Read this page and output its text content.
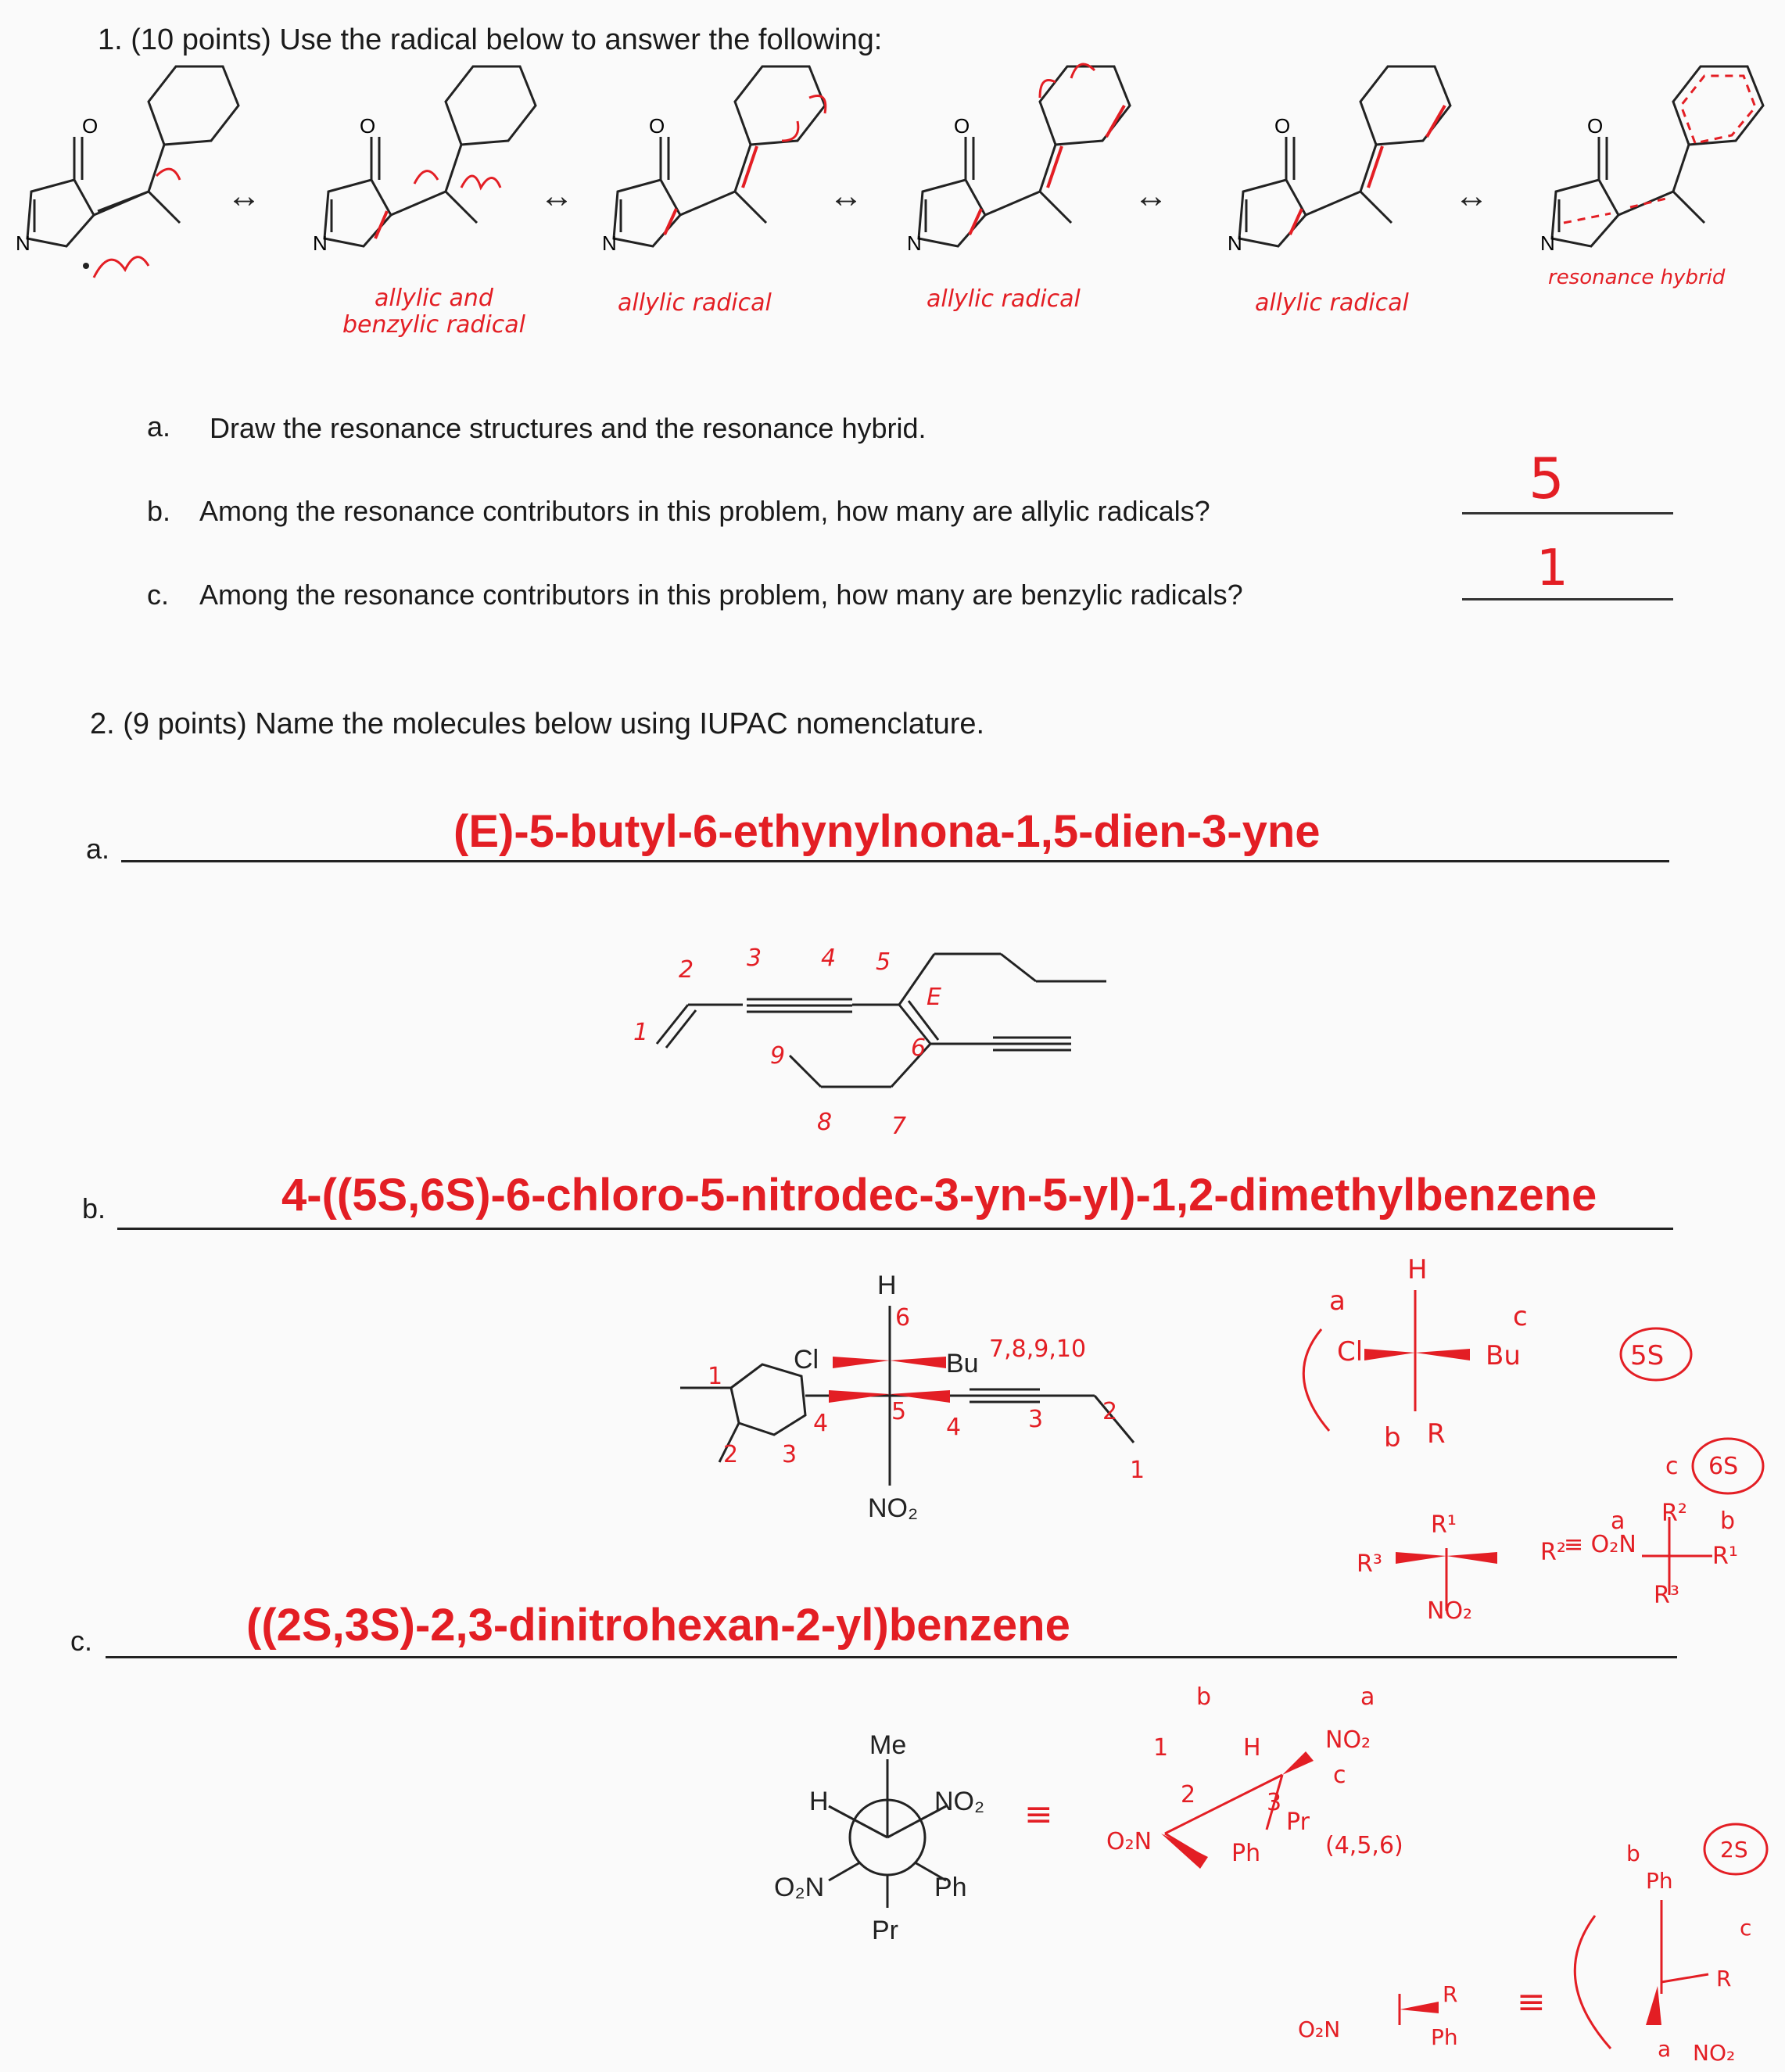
1. (10 points) Use the radical below to answer the following:
N
O
↔
N
O
↔
N
O
↔
N
O
↔
N
O
↔
N
O
allylic and benzylic radical
allylic radical	allylic radical	allylic radical
resonance hybrid
a. Draw the resonance structures and the resonance hybrid.
b. Among the resonance contributors in this problem, how many are allylic radicals?	5
c. Among the resonance contributors in this problem, how many are benzylic radicals?	1
2. (9 points) Name the molecules below using IUPAC nomenclature.
a.	(E)-5-butyl-6-ethynylnona-1,5-dien-3-yne
1
2 3	4 5
E
6
7
8
9
b.	4-((5S,6S)-6-chloro-5-nitrodec-3-yn-5-yl)-1,2-dimethylbenzene
H
Cl	Bu
NO₂
7,8,9,10
3	2
1
4
5
6
1
2 3
4
a
H
Cl	Bu
c
b R
5S
R¹
R²
R³
NO₂
≡ O₂N
a
c
b
R²
R¹
R³
6S
c.	((2S,3S)-2,3-dinitrohexan-2-yl)benzene
Me
H	NO₂
O₂N	Ph
Pr
b
1
2	3
H	NO₂
a
c
O₂N	Ph
Pr
(4,5,6)
≡
O₂N
R
Ph
≡
b
Ph
c
R
a NO₂
2S
